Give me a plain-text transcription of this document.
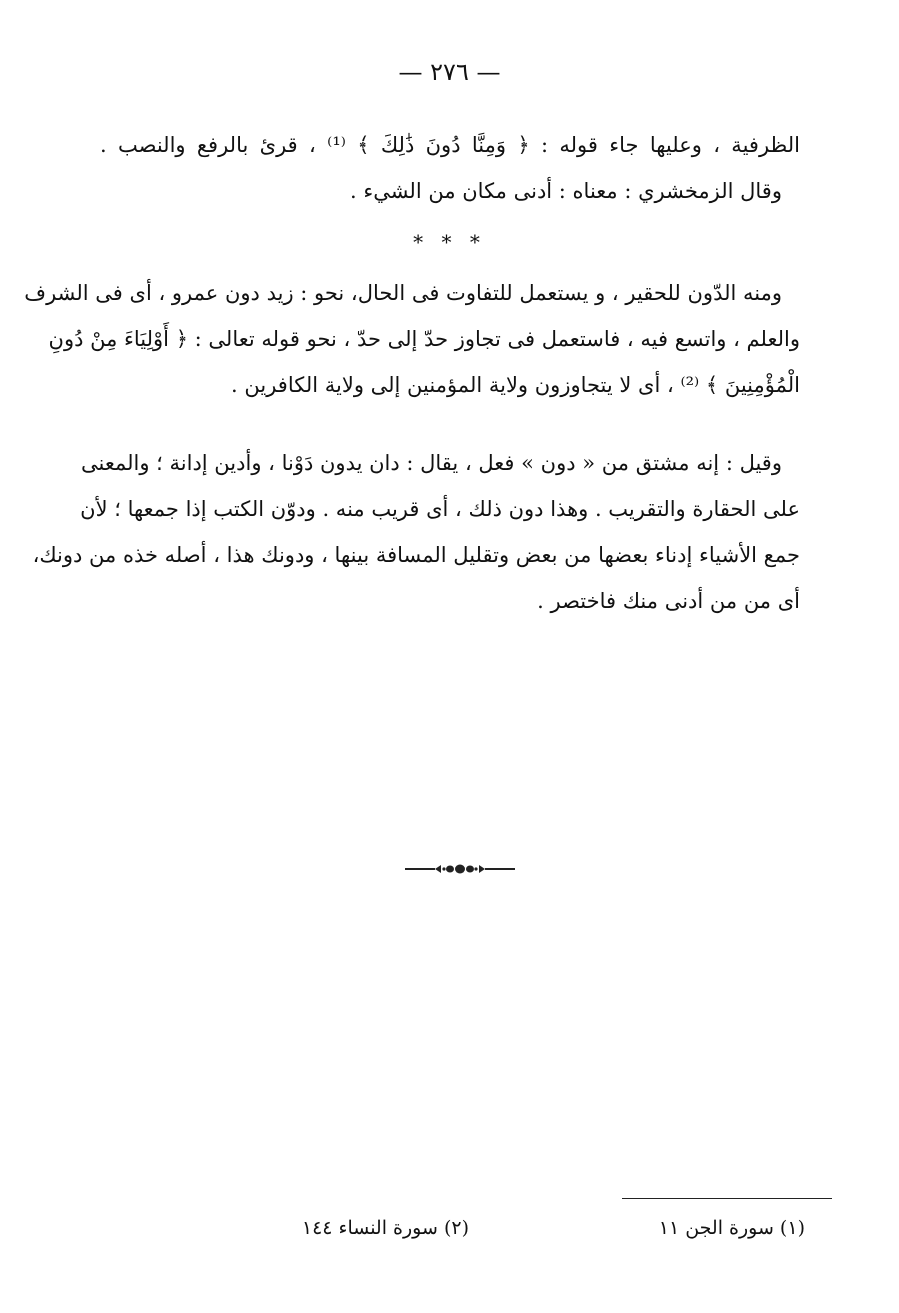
— ٢٧٦ —
الظرفية ، وعليها جاء قوله : ﴿ وَمِنَّا دُونَ ذَٰلِكَ ﴾ ⁽¹⁾ ، قرئ بالرفع والنصب .
وقال الزمخشري : معناه : أدنى مكان من الشيء .
* * *
ومنه الدّون للحقير ، و يستعمل للتفاوت فى الحال، نحو : زيد دون عمرو ، أى فى الشرف
والعلم ، واتسع فيه ، فاستعمل فى تجاوز حدّ إلى حدّ ، نحو قوله تعالى : ﴿ أَوْلِيَاءَ مِنْ دُونِ
الْمُؤْمِنِينَ ﴾ ⁽²⁾ ، أى لا يتجاوزون ولاية المؤمنين إلى ولاية الكافرين .
وقيل : إنه مشتق من « دون » فعل ، يقال : دان يدون دَوْنا ، وأدين إدانة ؛ والمعنى
على الحقارة والتقريب . وهذا دون ذلك ، أى قريب منه . ودوّن الكتب إذا جمعها ؛ لأن
جمع الأشياء إدناء بعضها من بعض وتقليل المسافة بينها ، ودونك هذا ، أصله خذه من دونك،
أى من من أدنى منك فاختصر .
(١) سورة الجن ١١
(٢) سورة النساء ١٤٤
